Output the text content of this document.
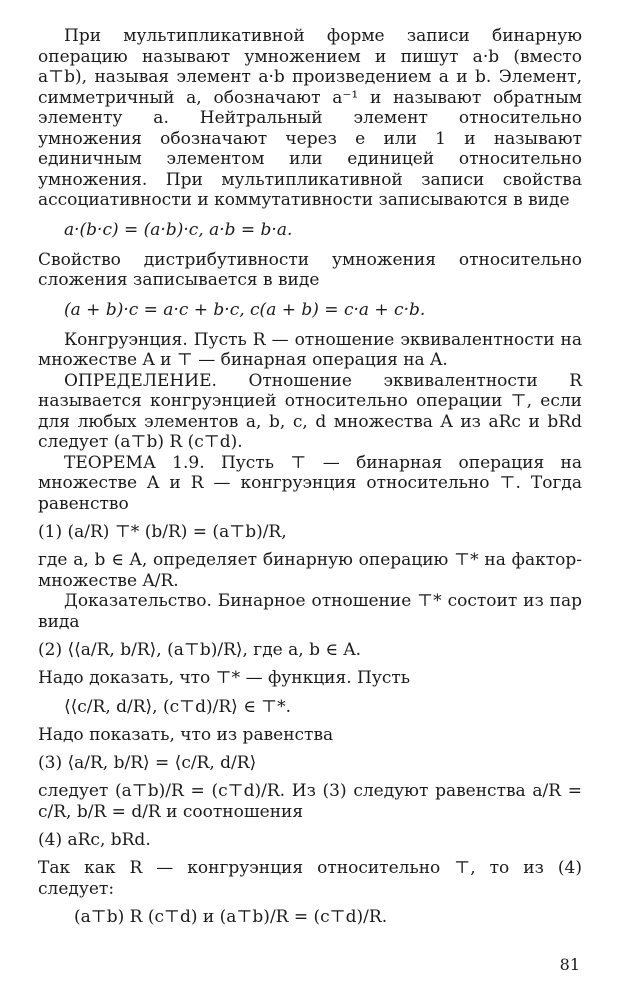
При мультипликативной форме записи бинарную операцию называют умножением и пишут a·b (вместо a⊤b), называя элемент a·b произведением a и b. Элемент, симметричный a, обозначают a⁻¹ и называют обратным элементу a. Нейтральный элемент относительно умножения обозначают через e или 1 и называют единичным элементом или единицей относительно умножения. При мультипликативной записи свойства ассоциативности и коммутативности записываются в виде

a·(b·c) = (a·b)·c, a·b = b·a.

Свойство дистрибутивности умножения относительно сложения записывается в виде

(a + b)·c = a·c + b·c, c(a + b) = c·a + c·b.

Конгруэнция. Пусть R — отношение эквивалентности на множестве A и ⊤ — бинарная операция на A.

ОПРЕДЕЛЕНИЕ. Отношение эквивалентности R называется конгруэнцией относительно операции ⊤, если для любых элементов a, b, c, d множества A из aRc и bRd следует (a⊤b) R (c⊤d).

ТЕОРЕМА 1.9. Пусть ⊤ — бинарная операция на множестве A и R — конгруэнция относительно ⊤. Тогда равенство

(1) (a/R) ⊤* (b/R) = (a⊤b)/R,

где a, b ∈ A, определяет бинарную операцию ⊤* на фактор-множестве A/R.

Доказательство. Бинарное отношение ⊤* состоит из пар вида

(2) ⟨⟨a/R, b/R⟩, (a⊤b)/R⟩, где a, b ∈ A.

Надо доказать, что ⊤* — функция. Пусть

⟨⟨c/R, d/R⟩, (c⊤d)/R⟩ ∈ ⊤*.

Надо показать, что из равенства

(3) ⟨a/R, b/R⟩ = ⟨c/R, d/R⟩

следует (a⊤b)/R = (c⊤d)/R. Из (3) следуют равенства a/R = c/R, b/R = d/R и соотношения

(4) aRc, bRd.

Так как R — конгруэнция относительно ⊤, то из (4) следует:

(a⊤b) R (c⊤d) и (a⊤b)/R = (c⊤d)/R.
81
